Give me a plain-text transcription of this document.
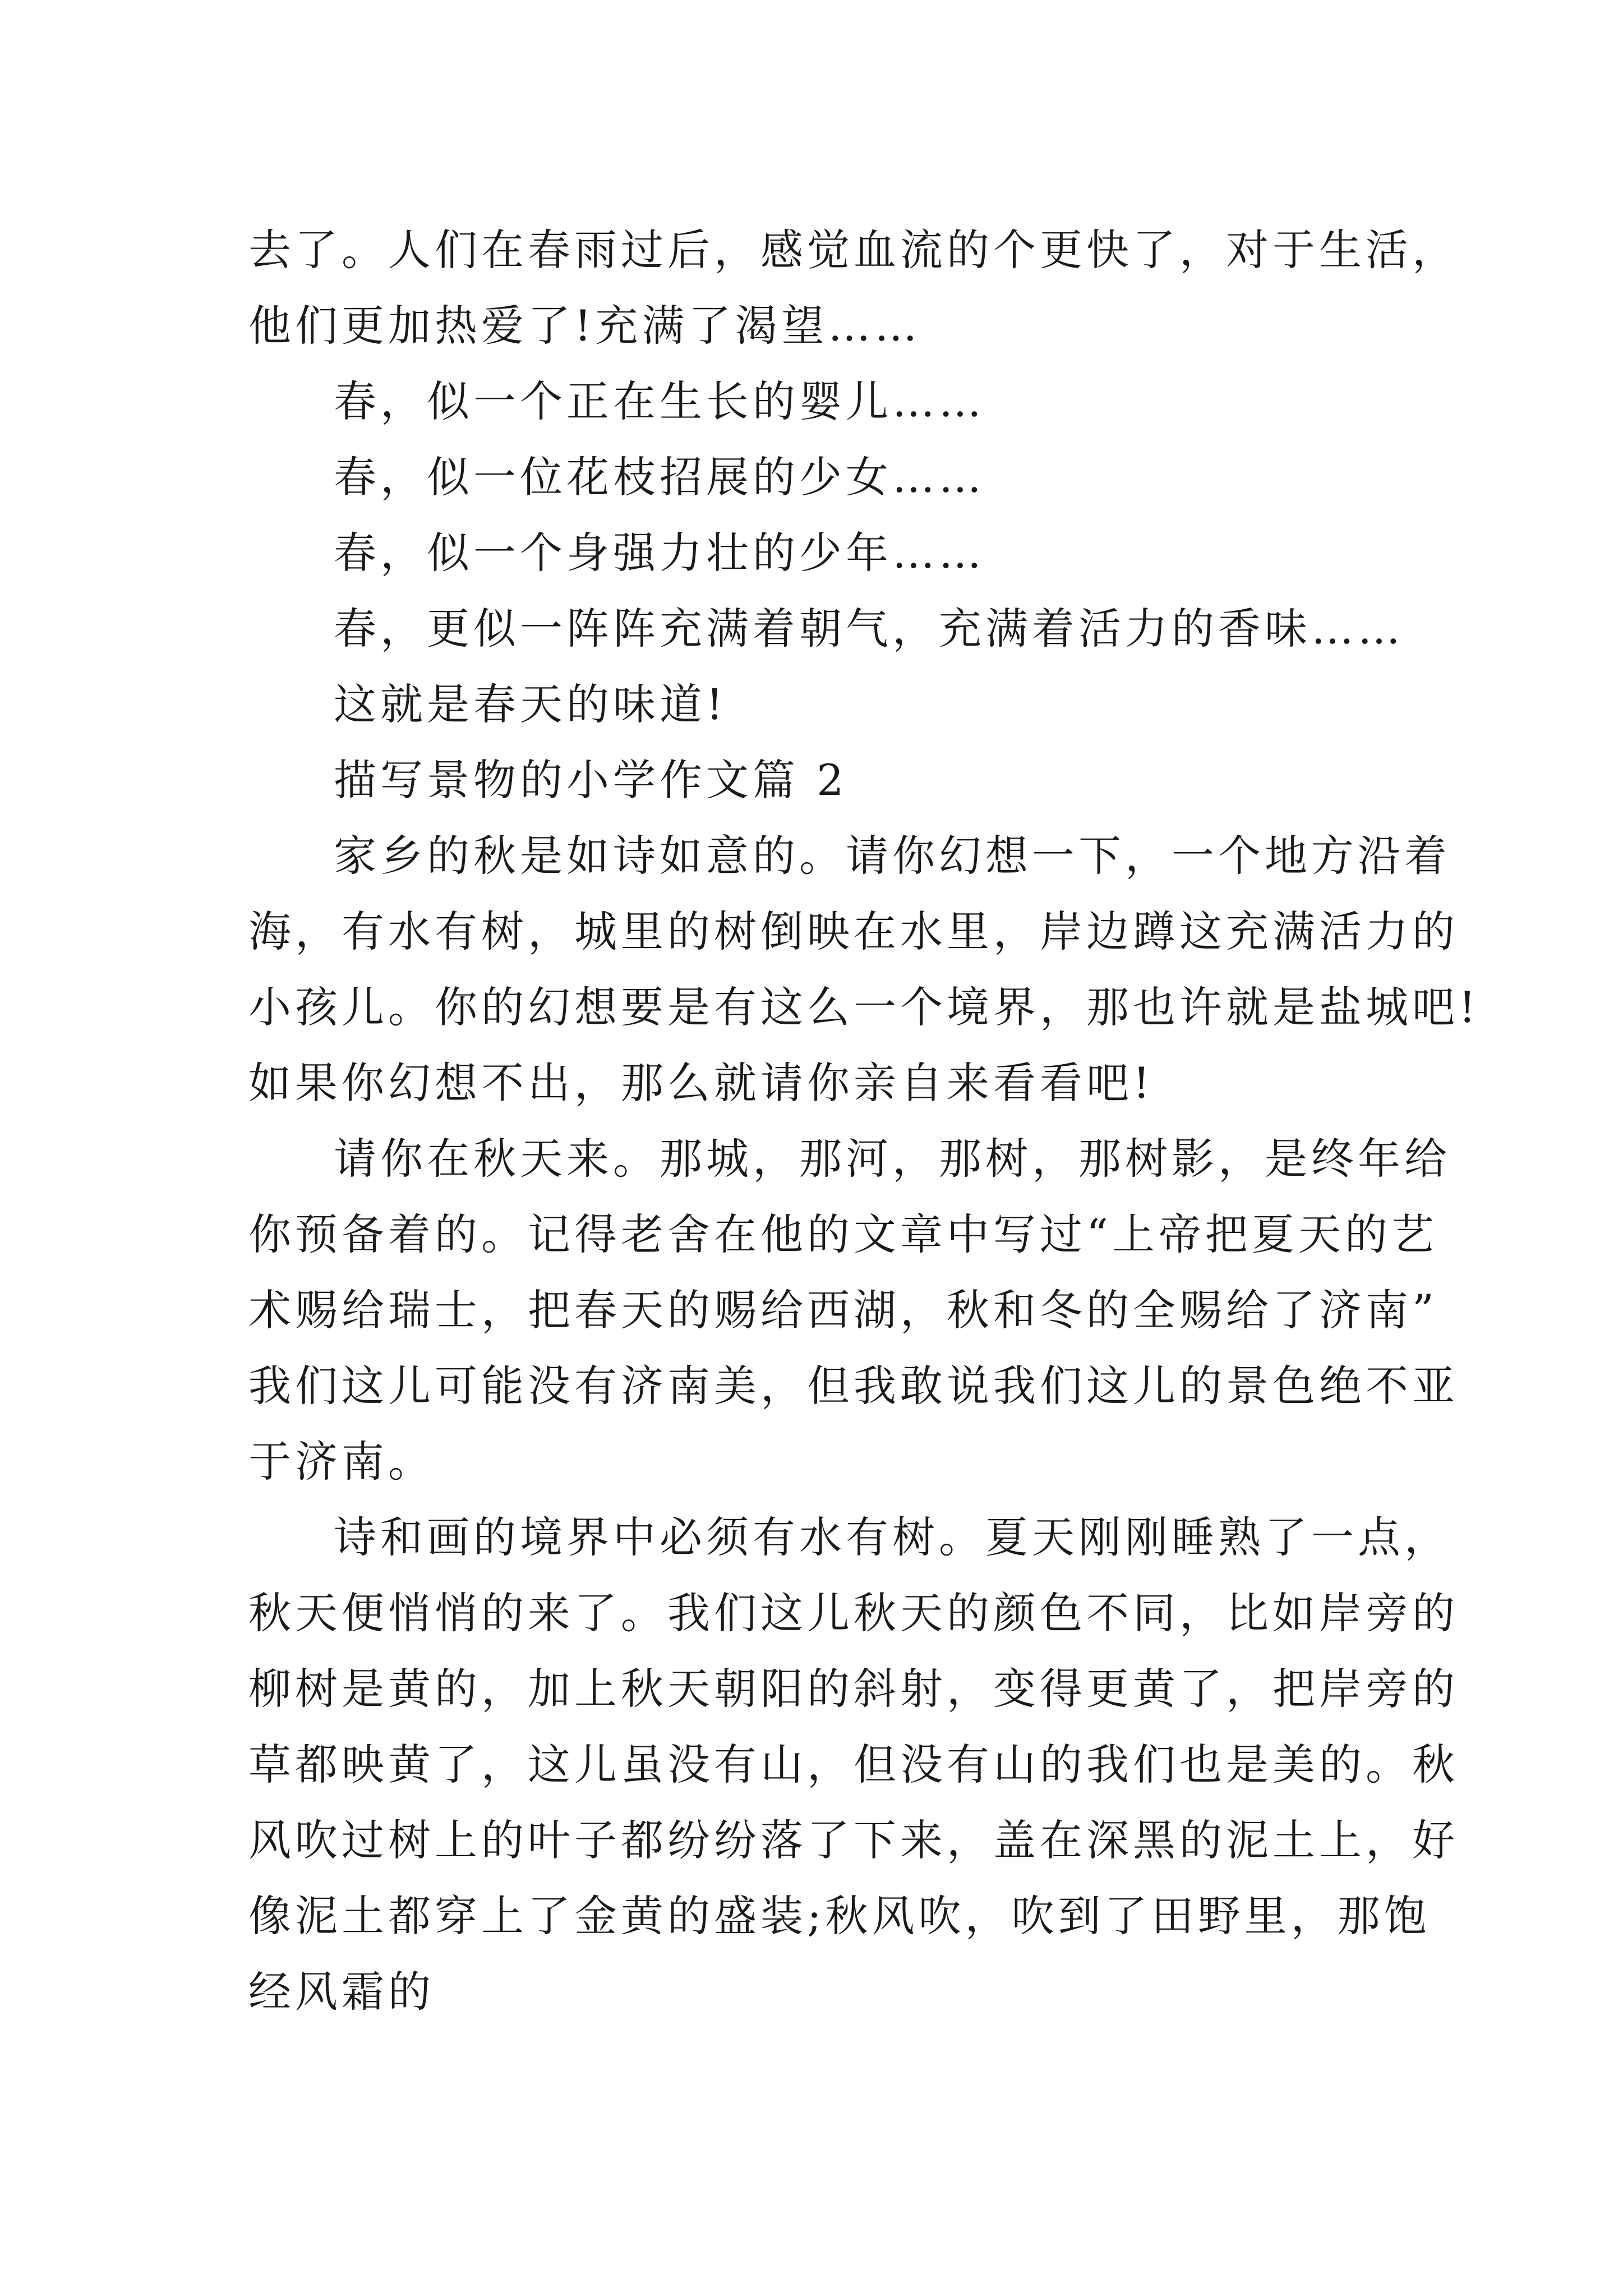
去了。人们在春雨过后，感觉血流的个更快了，对于生活，
他们更加热爱了!充满了渴望……
春，似一个正在生长的婴儿……
春，似一位花枝招展的少女……
春，似一个身强力壮的少年……
春，更似一阵阵充满着朝气，充满着活力的香味……
这就是春天的味道!
描写景物的小学作文篇 2
家乡的秋是如诗如意的。请你幻想一下，一个地方沿着
海，有水有树，城里的树倒映在水里，岸边蹲这充满活力的
小孩儿。你的幻想要是有这么一个境界，那也许就是盐城吧!
如果你幻想不出，那么就请你亲自来看看吧!
请你在秋天来。那城，那河，那树，那树影，是终年给
你预备着的。记得老舍在他的文章中写过“上帝把夏天的艺
术赐给瑞士，把春天的赐给西湖，秋和冬的全赐给了济南”
我们这儿可能没有济南美，但我敢说我们这儿的景色绝不亚
于济南。
诗和画的境界中必须有水有树。夏天刚刚睡熟了一点，
秋天便悄悄的来了。我们这儿秋天的颜色不同，比如岸旁的
柳树是黄的，加上秋天朝阳的斜射，变得更黄了，把岸旁的
草都映黄了，这儿虽没有山，但没有山的我们也是美的。秋
风吹过树上的叶子都纷纷落了下来，盖在深黑的泥土上，好
像泥土都穿上了金黄的盛装;秋风吹，吹到了田野里，那饱
经风霜的
